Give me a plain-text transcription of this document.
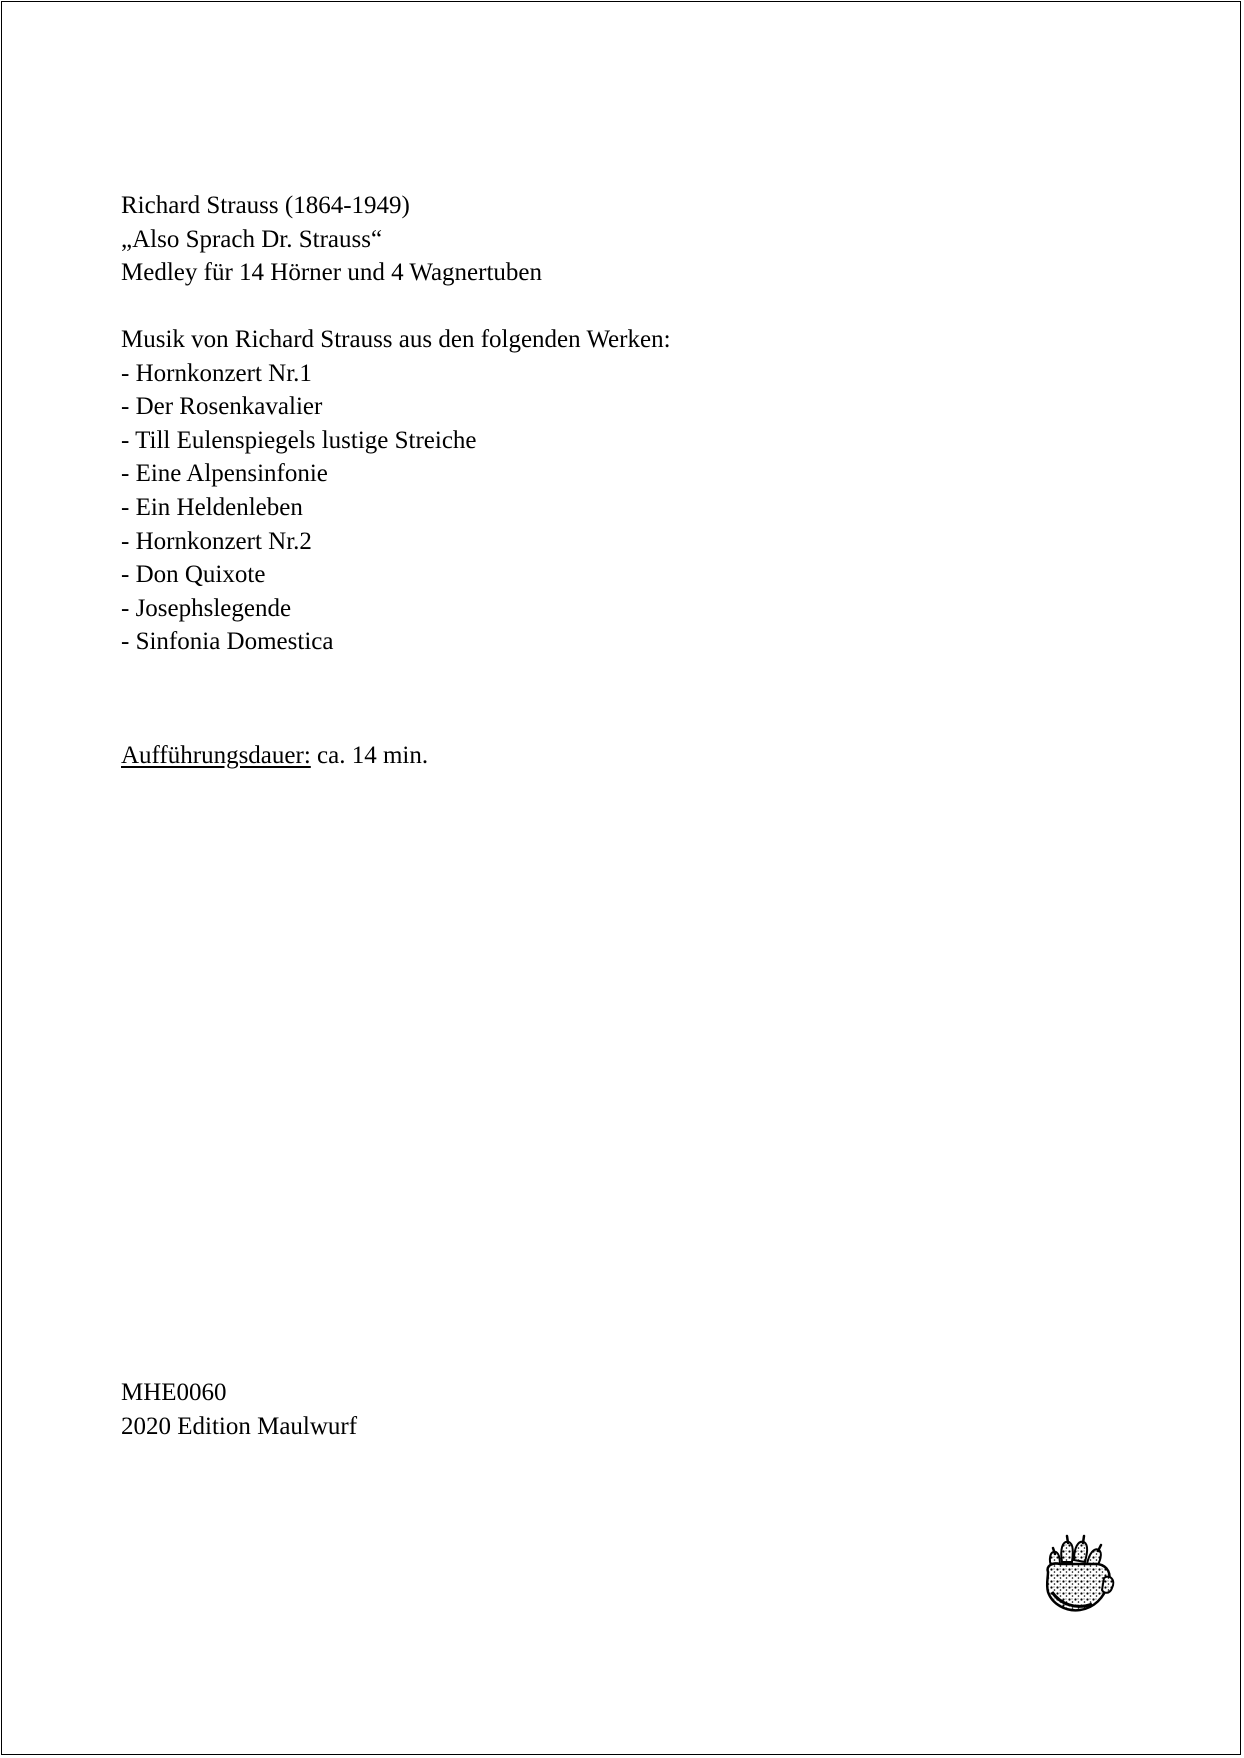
Richard Strauss (1864-1949)
„Also Sprach Dr. Strauss“
Medley für 14 Hörner und 4 Wagnertuben
Musik von Richard Strauss aus den folgenden Werken:
- Hornkonzert Nr.1
- Der Rosenkavalier
- Till Eulenspiegels lustige Streiche
- Eine Alpensinfonie
- Ein Heldenleben
- Hornkonzert Nr.2
- Don Quixote
- Josephslegende
- Sinfonia Domestica
Aufführungsdauer: ca. 14 min.
MHE0060
2020 Edition Maulwurf
